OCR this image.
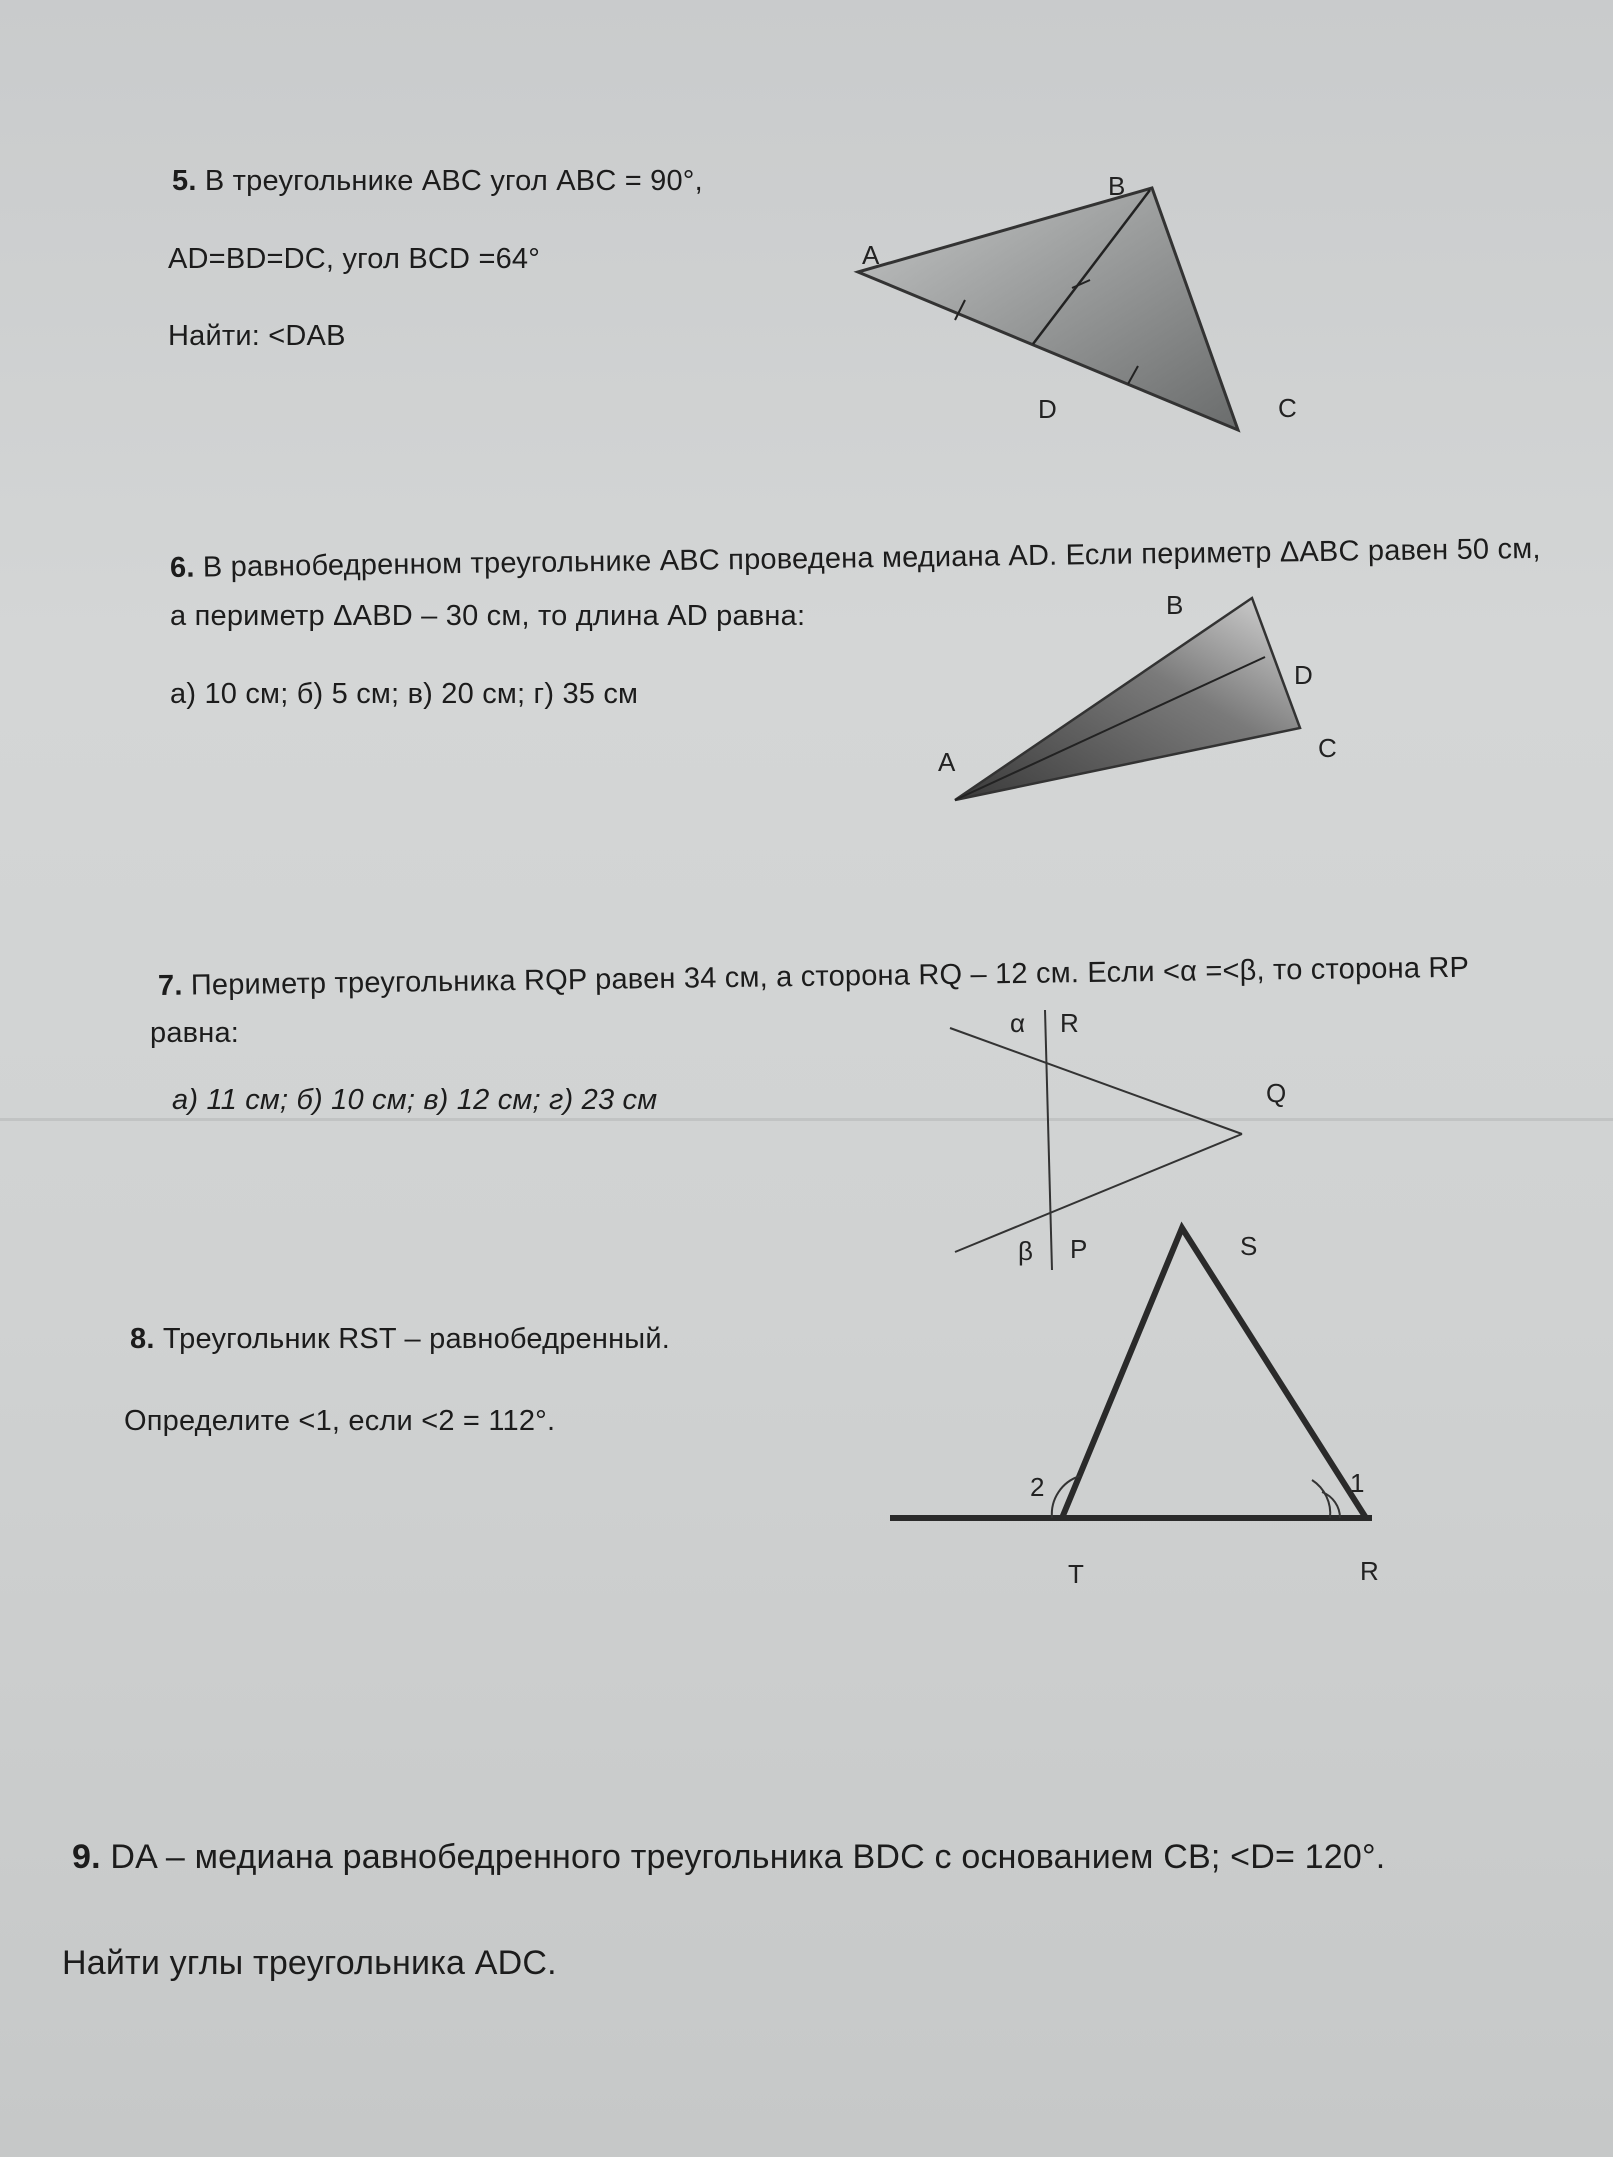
5. В треугольнике ABC угол ABC = 90°,
AD=BD=DC, угол BCD =64°
Найти: <DAB
6. В равнобедренном треугольнике ABC проведена медиана AD. Если периметр ΔABC равен 50 см,
а периметр ΔABD – 30 см, то длина AD равна:
а) 10 см; б) 5 см; в) 20 см; г) 35 см
7. Периметр треугольника RQP равен 34 см, а сторона RQ – 12 см. Если <α =<β, то сторона RP
равна:
а) 11 см; б) 10 см; в) 12 см; г) 23 см
8. Треугольник RST – равнобедренный.
Определите <1, если <2 = 112°.
9. DA – медиана равнобедренного треугольника BDC с основанием CB; <D= 120°.
Найти углы треугольника ADC.
A
B
D	C
B
D
C
A
α R
Q
β P	S
T	R
1
2
